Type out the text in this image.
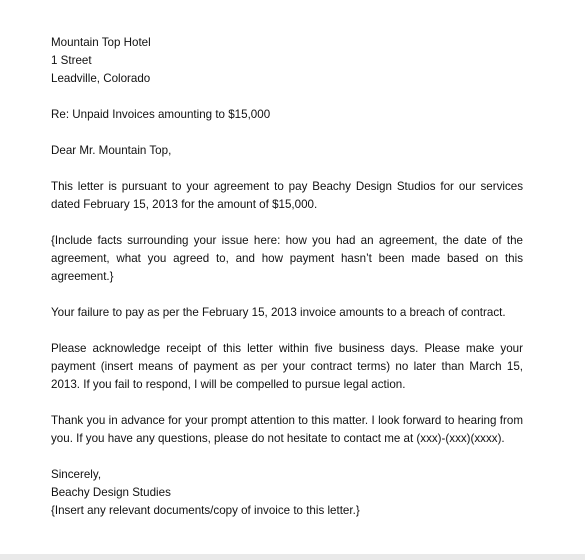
Mountain Top Hotel

1 Street

Leadville, Colorado

Re: Unpaid Invoices amounting to $15,000

Dear Mr. Mountain Top,

This letter is pursuant to your agreement to pay Beachy Design Studios for our services dated February 15, 2013 for the amount of $15,000.

{Include facts surrounding your issue here: how you had an agreement, the date of the agreement, what you agreed to, and how payment hasn’t been made based on this agreement.}

Your failure to pay as per the February 15, 2013 invoice amounts to a breach of contract.

Please acknowledge receipt of this letter within five business days. Please make your payment (insert means of payment as per your contract terms) no later than March 15, 2013. If you fail to respond, I will be compelled to pursue legal action.

Thank you in advance for your prompt attention to this matter. I look forward to hearing from you. If you have any questions, please do not hesitate to contact me at (xxx)-(xxx)(xxxx).

Sincerely,

Beachy Design Studies

{Insert any relevant documents/copy of invoice to this letter.}
